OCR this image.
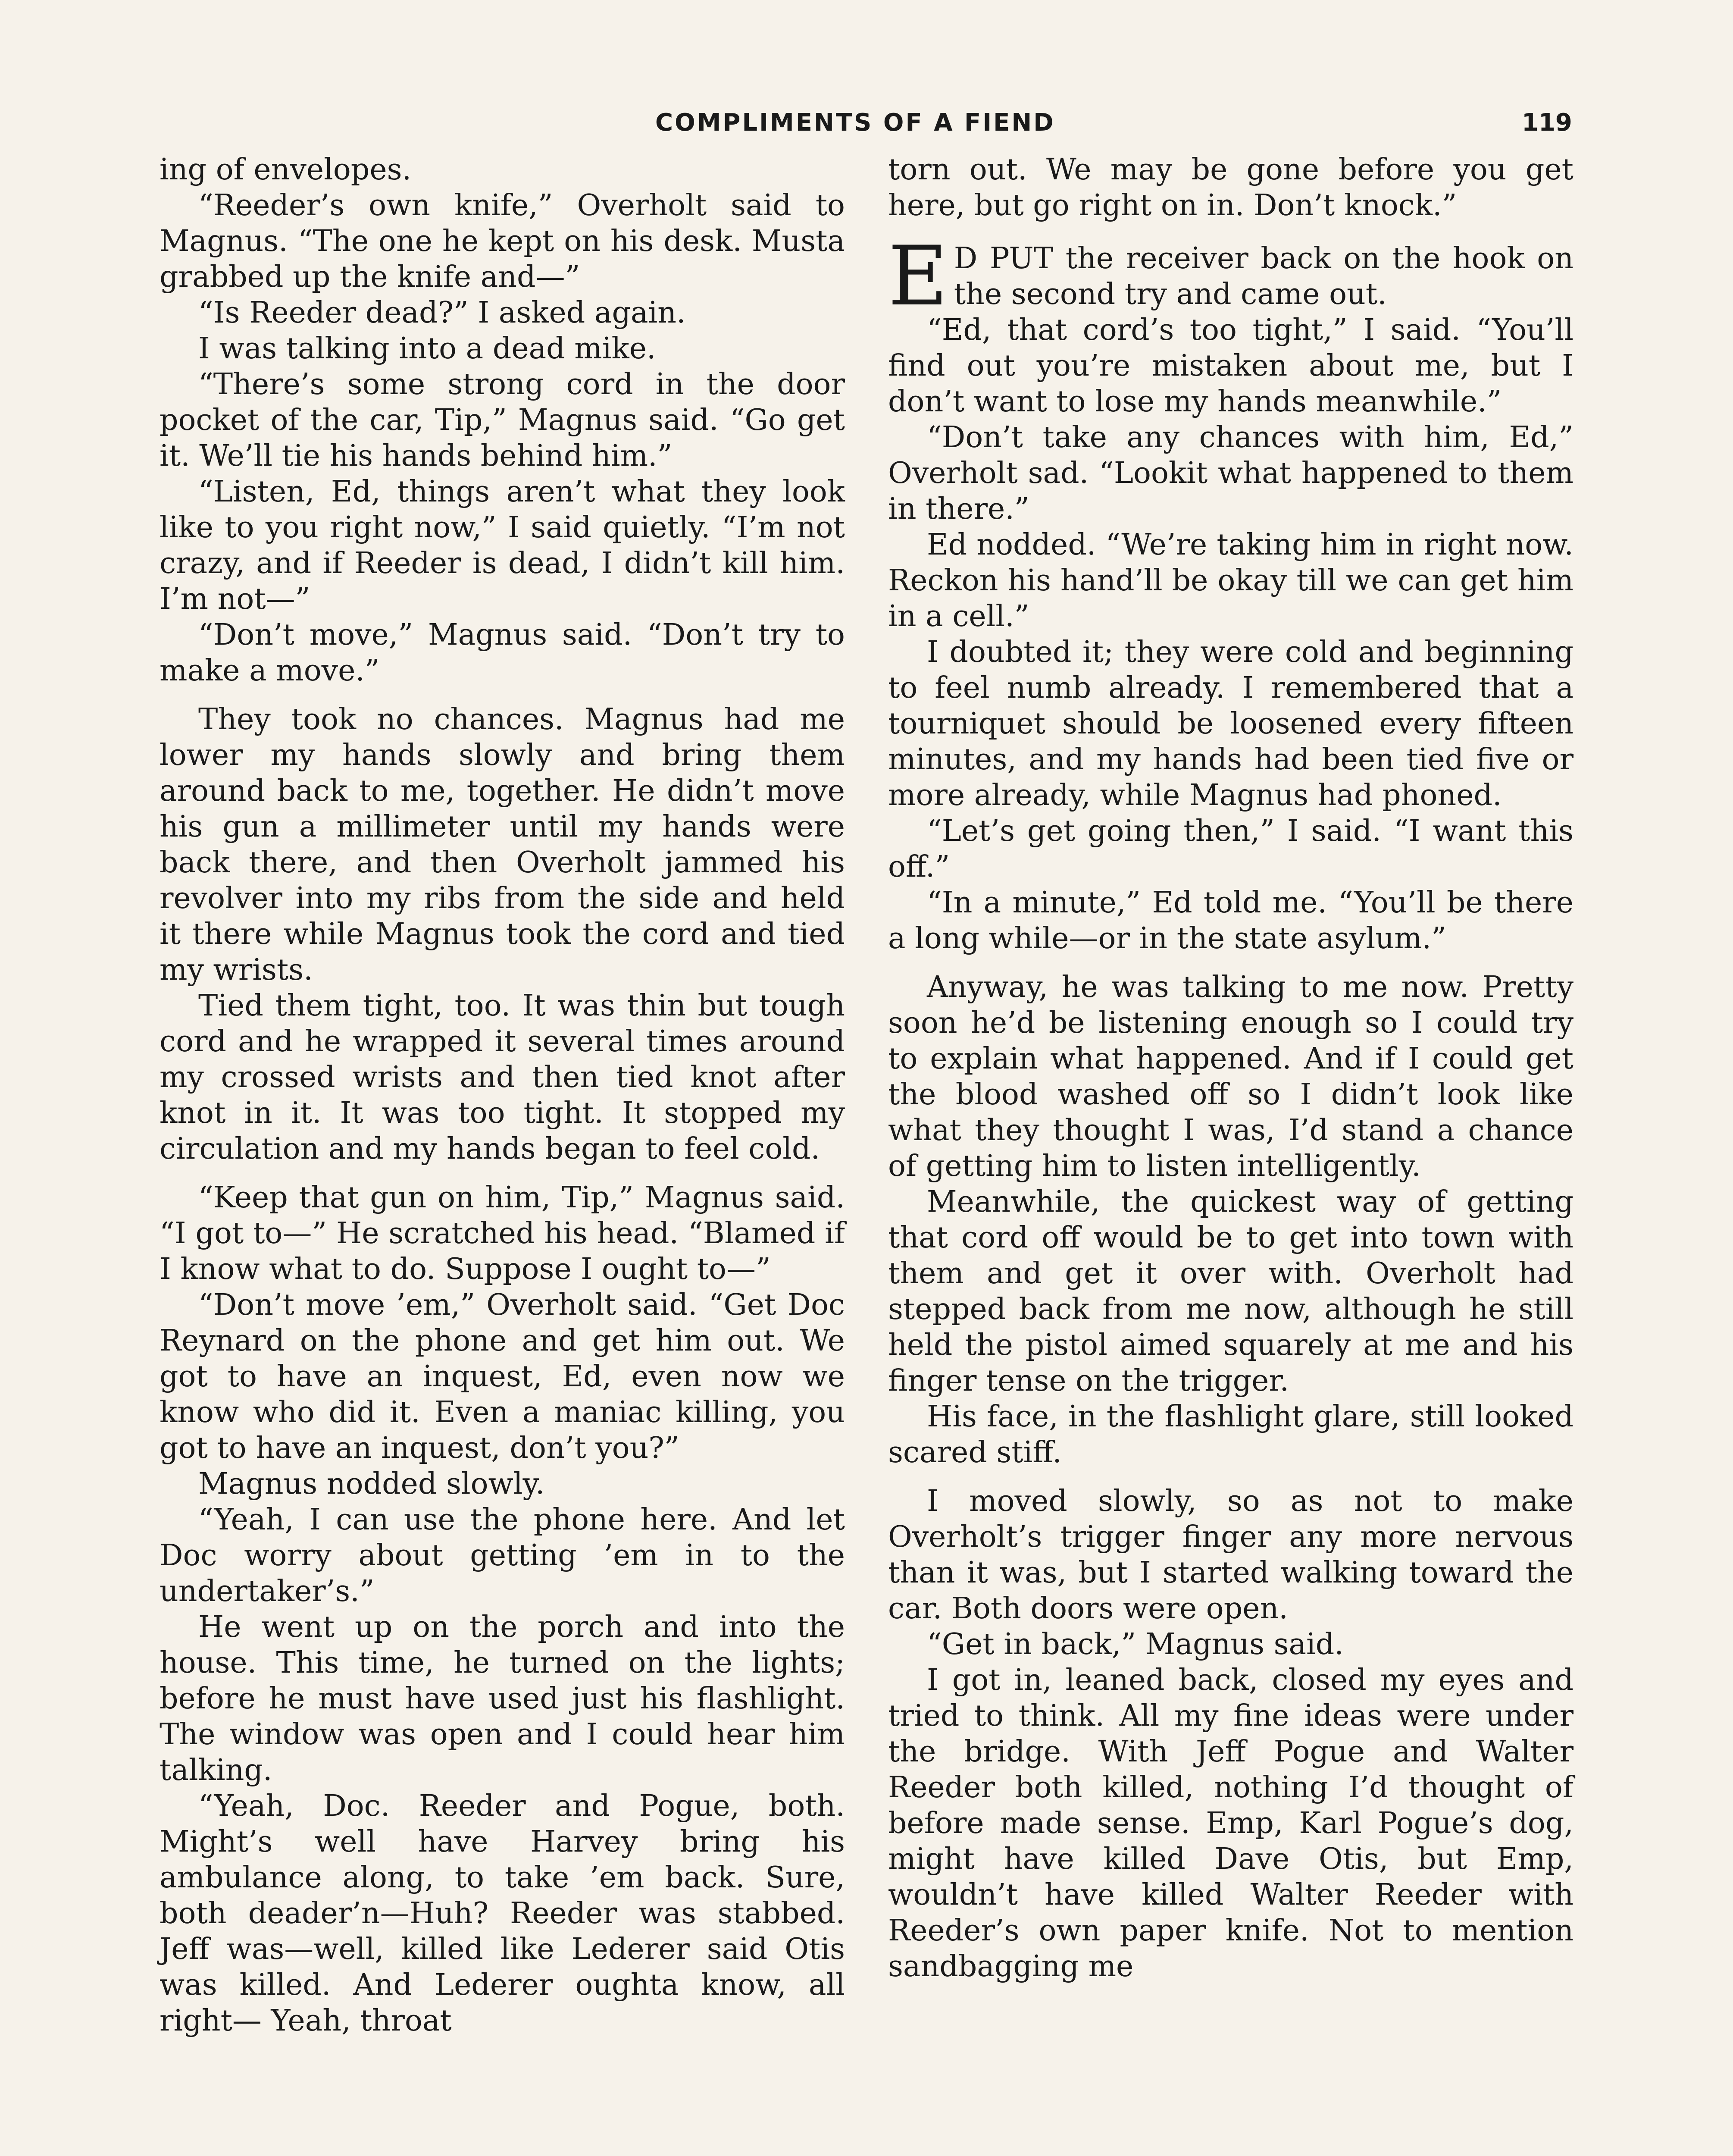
COMPLIMENTS OF A FIEND	119

ing of envelopes.

“Reeder’s own knife,” Overholt said to Magnus. “The one he kept on his desk. Musta grabbed up the knife and—”

“Is Reeder dead?” I asked again.

I was talking into a dead mike.

“There’s some strong cord in the door pocket of the car, Tip,” Magnus said. “Go get it. We’ll tie his hands behind him.”

“Listen, Ed, things aren’t what they look like to you right now,” I said quietly. “I’m not crazy, and if Reeder is dead, I didn’t kill him. I’m not—”

“Don’t move,” Magnus said. “Don’t try to make a move.”

They took no chances. Magnus had me lower my hands slowly and bring them around back to me, together. He didn’t move his gun a millimeter until my hands were back there, and then Overholt jammed his revolver into my ribs from the side and held it there while Magnus took the cord and tied my wrists.

Tied them tight, too. It was thin but tough cord and he wrapped it several times around my crossed wrists and then tied knot after knot in it. It was too tight. It stopped my circulation and my hands began to feel cold.

“Keep that gun on him, Tip,” Magnus said. “I got to—” He scratched his head. “Blamed if I know what to do. Suppose I ought to—”

“Don’t move ’em,” Overholt said. “Get Doc Reynard on the phone and get him out. We got to have an inquest, Ed, even now we know who did it. Even a maniac killing, you got to have an inquest, don’t you?”

Magnus nodded slowly.

“Yeah, I can use the phone here. And let Doc worry about getting ’em in to the undertaker’s.”

He went up on the porch and into the house. This time, he turned on the lights; before he must have used just his flashlight. The window was open and I could hear him talking.

“Yeah, Doc. Reeder and Pogue, both. Might’s well have Harvey bring his ambulance along, to take ’em back. Sure, both deader’n—Huh? Reeder was stabbed. Jeff was—well, killed like Lederer said Otis was killed. And Lederer oughta know, all right— Yeah, throat

torn out. We may be gone before you get here, but go right on in. Don’t knock.”

E D PUT the receiver back on the hook on the second try and came out.

“Ed, that cord’s too tight,” I said. “You’ll find out you’re mistaken about me, but I don’t want to lose my hands meanwhile.”

“Don’t take any chances with him, Ed,” Overholt sad. “Lookit what happened to them in there.”

Ed nodded. “We’re taking him in right now. Reckon his hand’ll be okay till we can get him in a cell.”

I doubted it; they were cold and beginning to feel numb already. I remembered that a tourniquet should be loosened every fifteen minutes, and my hands had been tied five or more already, while Magnus had phoned.

“Let’s get going then,” I said. “I want this off.”

“In a minute,” Ed told me. “You’ll be there a long while—or in the state asylum.”

Anyway, he was talking to me now. Pretty soon he’d be listening enough so I could try to explain what happened. And if I could get the blood washed off so I didn’t look like what they thought I was, I’d stand a chance of getting him to listen intelligently.

Meanwhile, the quickest way of getting that cord off would be to get into town with them and get it over with. Overholt had stepped back from me now, although he still held the pistol aimed squarely at me and his finger tense on the trigger.

His face, in the flashlight glare, still looked scared stiff.

I moved slowly, so as not to make Overholt’s trigger finger any more nervous than it was, but I started walking toward the car. Both doors were open.

“Get in back,” Magnus said.

I got in, leaned back, closed my eyes and tried to think. All my fine ideas were under the bridge. With Jeff Pogue and Walter Reeder both killed, nothing I’d thought of before made sense. Emp, Karl Pogue’s dog, might have killed Dave Otis, but Emp, wouldn’t have killed Walter Reeder with Reeder’s own paper knife. Not to mention sandbagging me
